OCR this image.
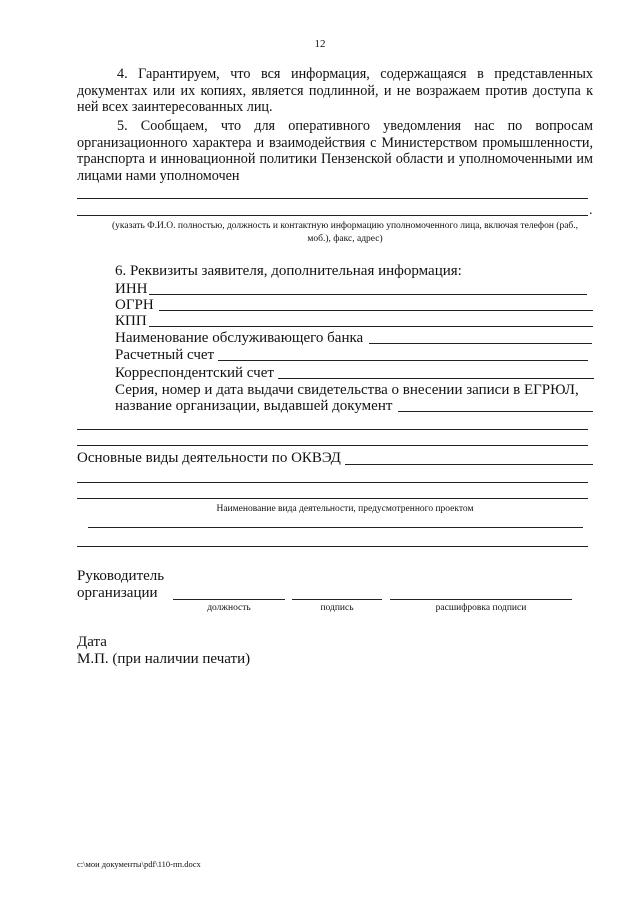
12
4. Гарантируем, что вся информация, содержащаяся в представленных документах или их копиях, является подлинной, и не возражаем против доступа к ней всех заинтересованных лиц.
5. Сообщаем, что для оперативного уведомления нас по вопросам организационного характера и взаимодействия с Министерством промышленности, транспорта и инновационной политики Пензенской области и уполномоченными им лицами нами уполномочен
.
(указать Ф.И.О. полностью, должность и контактную информацию уполномоченного лица, включая телефон (раб., моб.), факс, адрес)
6. Реквизиты заявителя, дополнительная информация:
ИНН
ОГРН
КПП
Наименование обслуживающего банка
Расчетный счет
Корреспондентский счет
Серия, номер и дата выдачи свидетельства о внесении записи в ЕГРЮЛ,
название организации, выдавшей документ
Основные виды деятельности по ОКВЭД
Наименование вида деятельности, предусмотренного проектом
Руководитель
организации
должность	подпись	расшифровка подписи
Дата
М.П. (при наличии печати)
c:\мои документы\pdf\110-пп.docx
